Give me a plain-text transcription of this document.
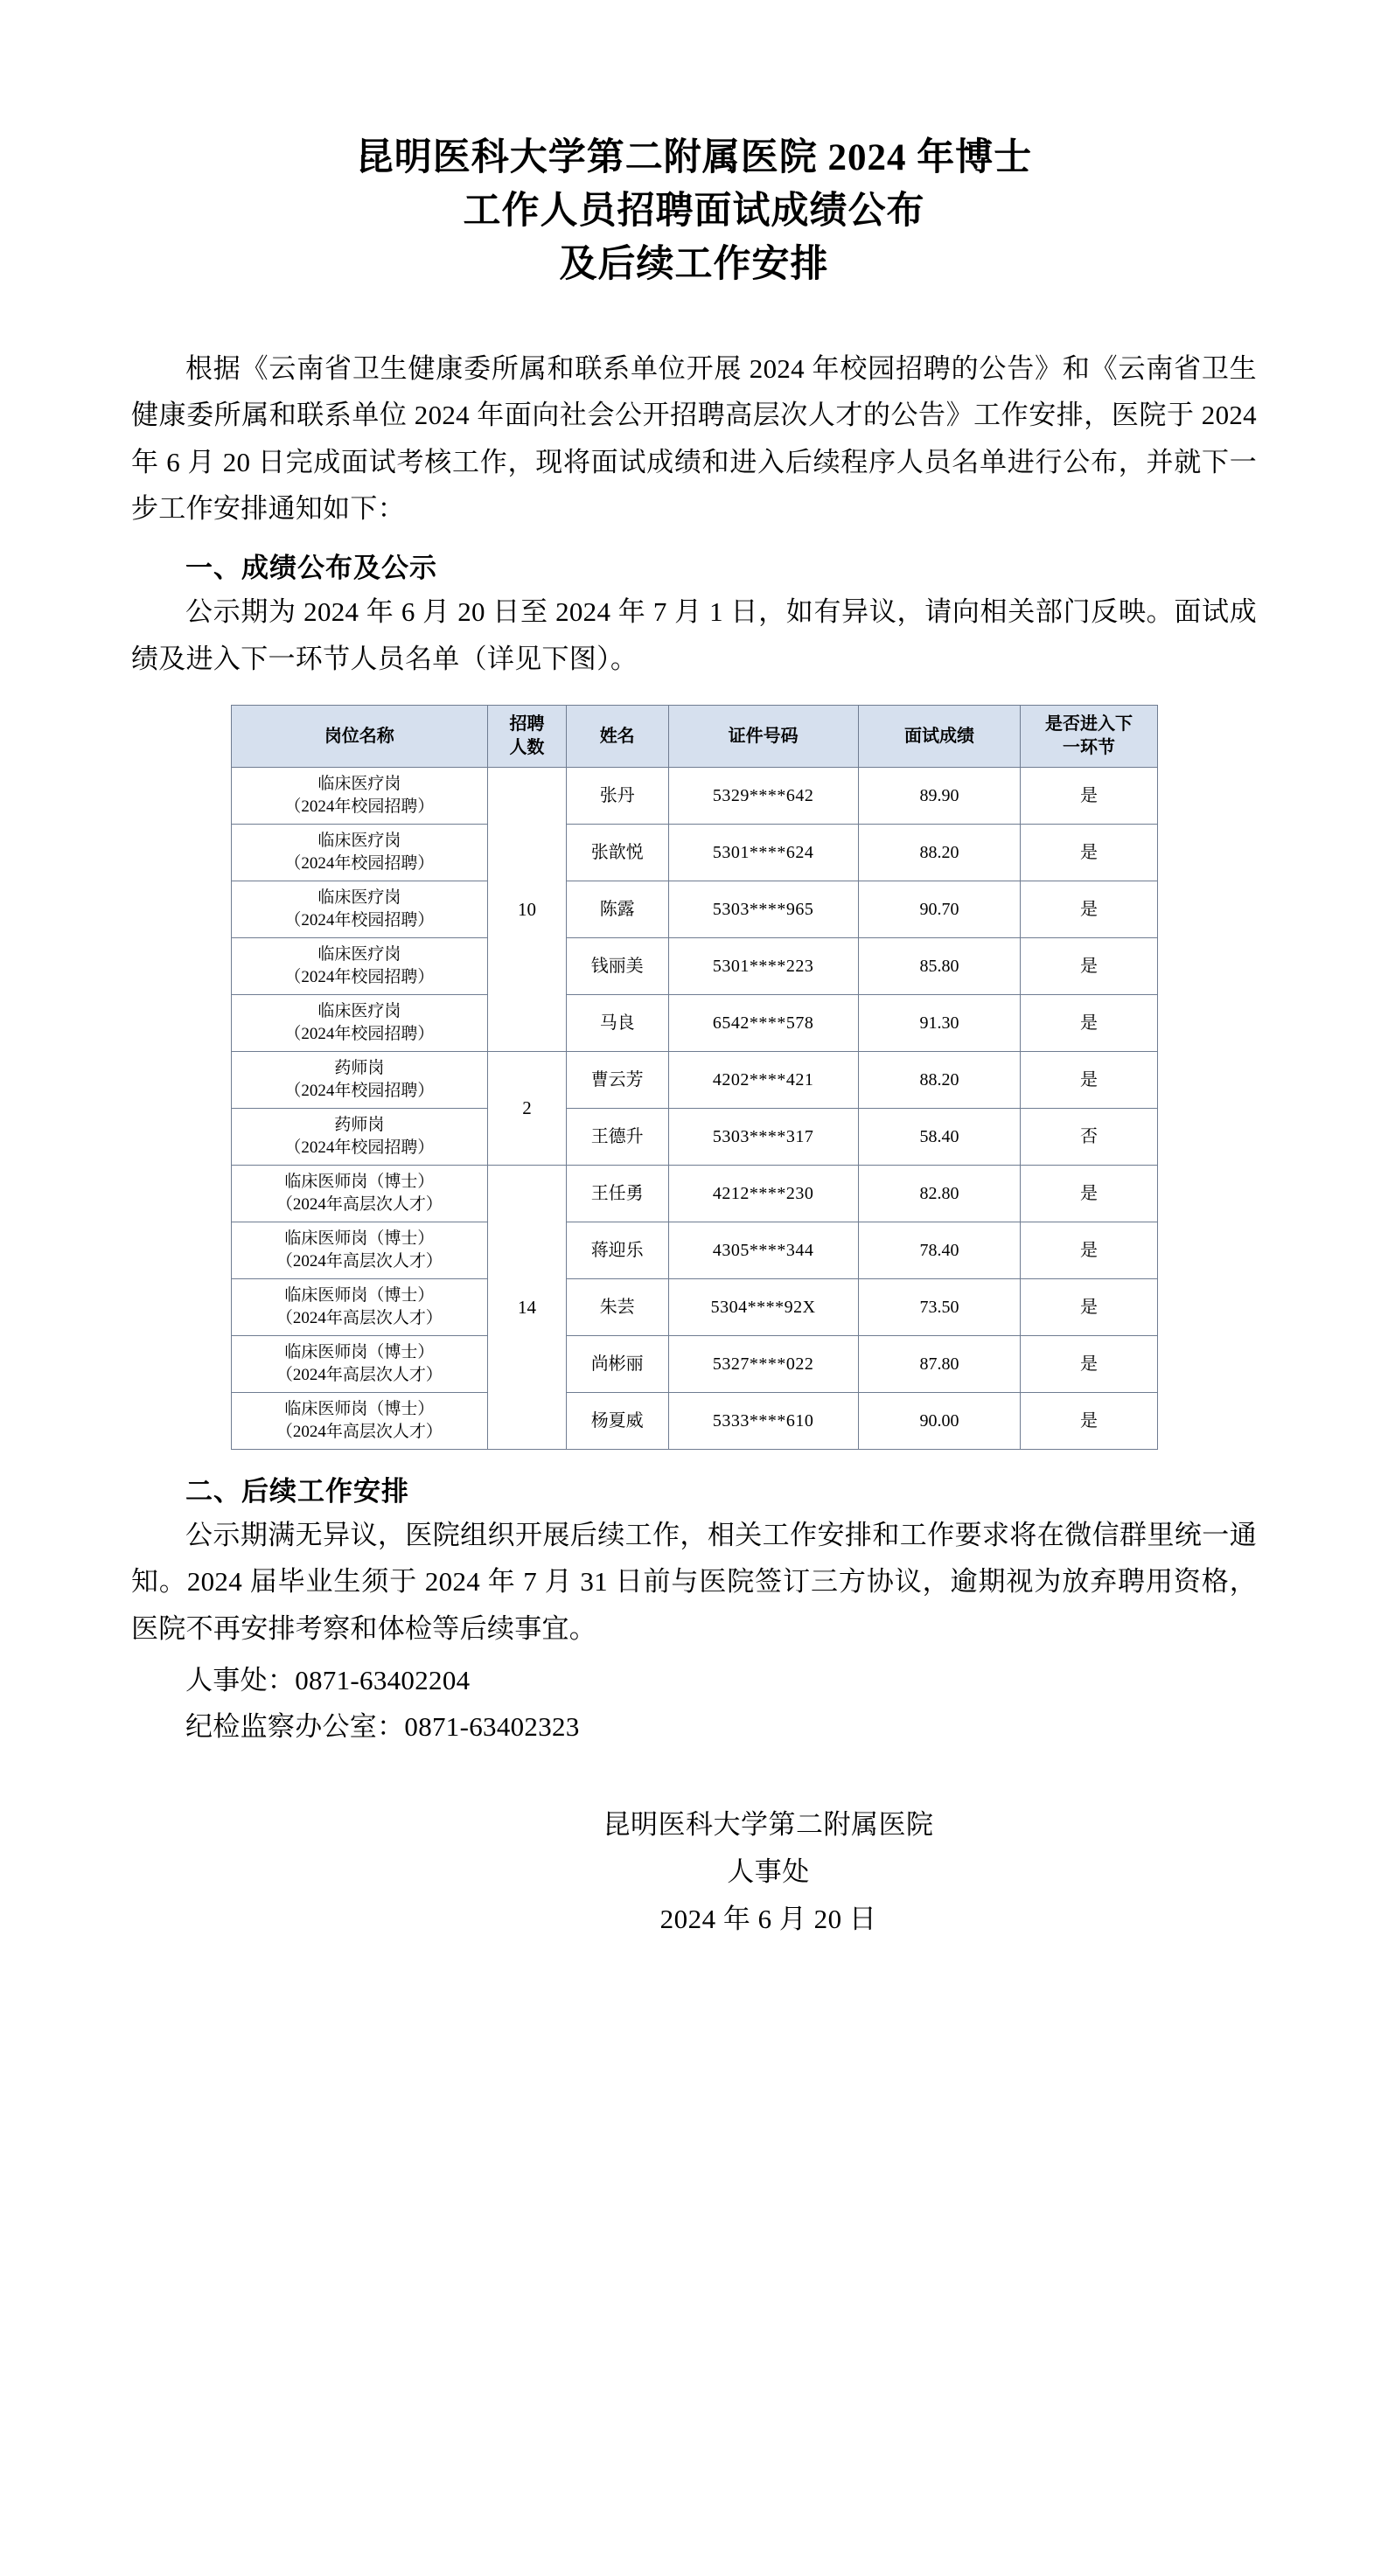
昆明医科大学第二附属医院 2024 年博士
工作人员招聘面试成绩公布
及后续工作安排

根据《云南省卫生健康委所属和联系单位开展 2024 年校园招聘的公告》和《云南省卫生健康委所属和联系单位 2024 年面向社会公开招聘高层次人才的公告》工作安排，医院于 2024 年 6 月 20 日完成面试考核工作，现将面试成绩和进入后续程序人员名单进行公布，并就下一步工作安排通知如下：

一、成绩公布及公示

公示期为 2024 年 6 月 20 日至 2024 年 7 月 1 日，如有异议，请向相关部门反映。面试成绩及进入下一环节人员名单（详见下图）。

岗位名称	招聘
人数	姓名	证件号码	面试成绩	是否进入下
一环节
临床医疗岗
（2024年校园招聘）	10	张丹	5329****642	89.90	是
临床医疗岗
（2024年校园招聘）		张歆悦	5301****624	88.20	是
临床医疗岗
（2024年校园招聘）		陈露	5303****965	90.70	是
临床医疗岗
（2024年校园招聘）		钱丽美	5301****223	85.80	是
临床医疗岗
（2024年校园招聘）		马良	6542****578	91.30	是
药师岗
（2024年校园招聘）	2	曹云芳	4202****421	88.20	是
药师岗
（2024年校园招聘）		王德升	5303****317	58.40	否
临床医师岗（博士）
（2024年高层次人才）	14	王任勇	4212****230	82.80	是
临床医师岗（博士）
（2024年高层次人才）		蒋迎乐	4305****344	78.40	是
临床医师岗（博士）
（2024年高层次人才）		朱芸	5304****92X	73.50	是
临床医师岗（博士）
（2024年高层次人才）		尚彬丽	5327****022	87.80	是
临床医师岗（博士）
（2024年高层次人才）		杨夏威	5333****610	90.00	是
二、后续工作安排

公示期满无异议，医院组织开展后续工作，相关工作安排和工作要求将在微信群里统一通知。2024 届毕业生须于 2024 年 7 月 31 日前与医院签订三方协议，逾期视为放弃聘用资格，医院不再安排考察和体检等后续事宜。

人事处：0871-63402204

纪检监察办公室：0871-63402323

昆明医科大学第二附属医院
人事处
2024 年 6 月 20 日
